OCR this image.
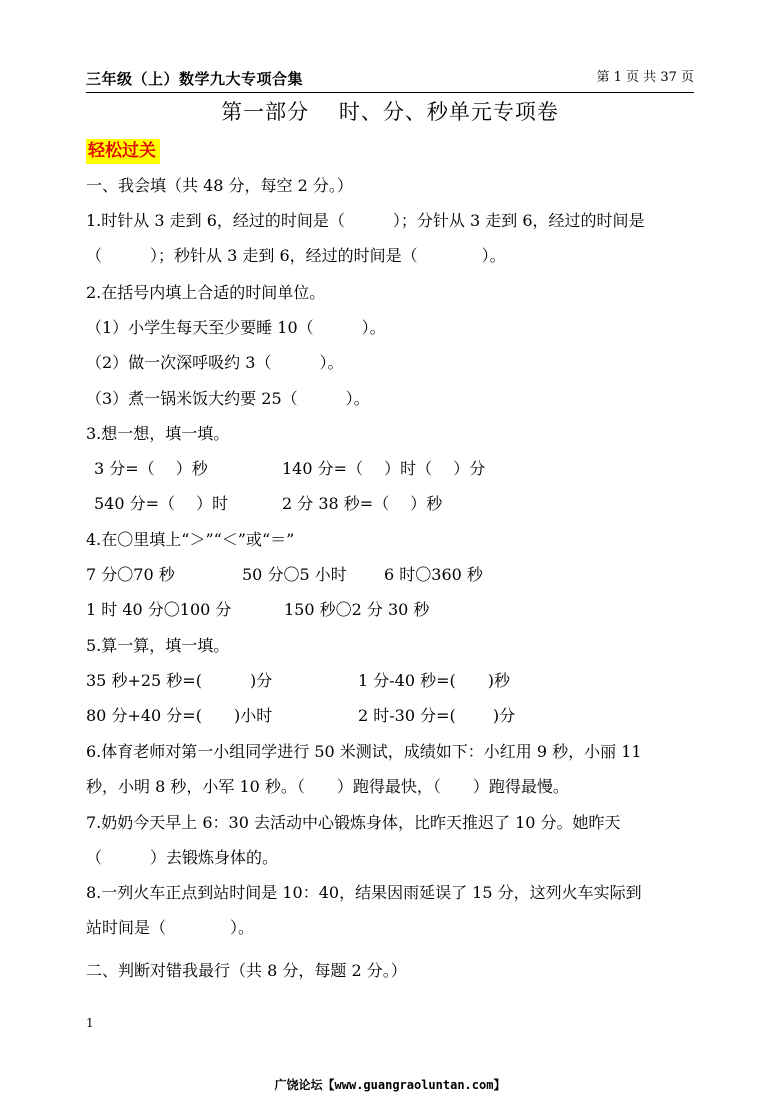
三年级（上）数学九大专项合集	第 1 页 共 37 页
第一部分　 时、分、秒单元专项卷
轻松过关
一、我会填（共 48 分，每空 2 分。）
1.时针从 3 走到 6，经过的时间是（　　　）；分针从 3 走到 6，经过的时间是
（　　　）；秒针从 3 走到 6，经过的时间是（　　　　）。
2.在括号内填上合适的时间单位。
（1）小学生每天至少要睡 10（　　　）。
（2）做一次深呼吸约 3（　　　）。
（3）煮一锅米饭大约要 25（　　　）。
3.想一想，填一填。
3 分=（　 ）秒	140 分=（　 ）时（　 ）分
540 分=（　 ）时	2 分 38 秒=（　 ）秒
4.在〇里填上“＞”“＜”或“＝”
7 分〇70 秒	50 分〇5 小时 6 时〇360 秒
1 时 40 分〇100 分	150 秒〇2 分 30 秒
5.算一算，填一填。
35 秒+25 秒=(　　　)分	1 分-40 秒=(　　)秒
80 分+40 分=(　　)小时	2 时-30 分=(　　 )分
6.体育老师对第一小组同学进行 50 米测试，成绩如下：小红用 9 秒，小丽 11
秒，小明 8 秒，小军 10 秒。（　　）跑得最快，（　　）跑得最慢。
7.奶奶今天早上 6：30 去活动中心锻炼身体，比昨天推迟了 10 分。她昨天
（　　　）去锻炼身体的。
8.一列火车正点到站时间是 10：40，结果因雨延误了 15 分，这列火车实际到
站时间是（　　　　）。
二、判断对错我最行（共 8 分，每题 2 分。）
1
广饶论坛【www.guangraoluntan.com】
